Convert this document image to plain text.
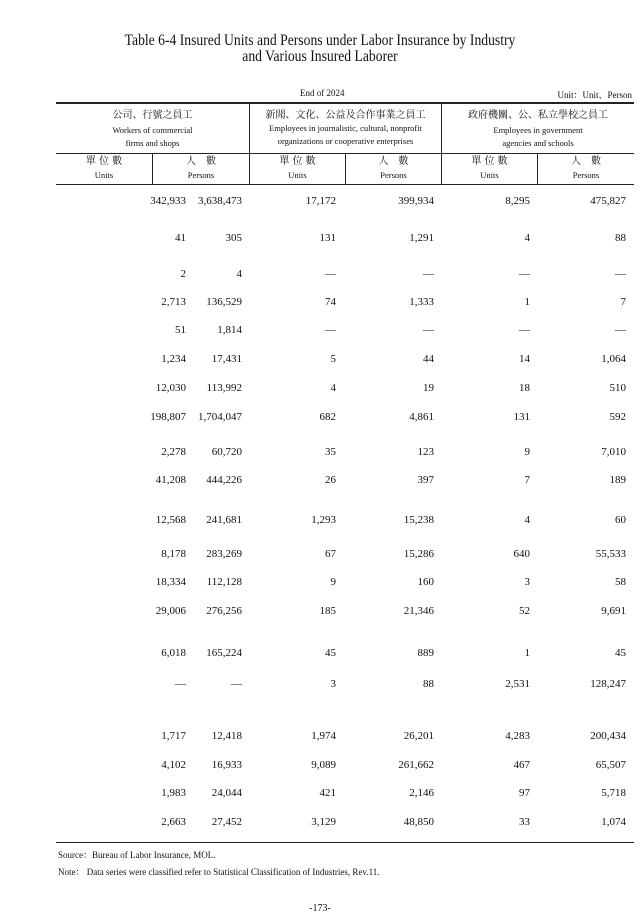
Table 6-4 Insured Units and Persons under Labor Insurance by Industry
and Various Insured Laborer
End of 2024	Unit：Unit、Person
公司、行號之員工
Workers of commercial
firms and shops
新聞、文化、公益及合作事業之員工
Employees in journalistic, cultural, nonprofit
organizations or cooperative enterprises
政府機關、公、私立學校之員工
Employees in government
agencies and schools
單 位 數
Units
人　數
Persons
單 位 數
Units
人　數
Persons
單 位 數
Units
人　數
Persons
342,933 3,638,473	17,172	399,934	8,295	475,827
41	305	131	1,291	4	88
2	4	—	—	—	—
2,713 136,529	74	1,333	1	7
51	1,814	—	—	—	—
1,234 17,431	5	44	14	1,064
12,030 113,992	4	19	18	510
198,807 1,704,047	682	4,861	131	592
2,278 60,720	35	123	9	7,010
41,208 444,226	26	397	7	189
12,568 241,681	1,293	15,238	4	60
8,178 283,269	67	15,286	640	55,533
18,334 112,128	9	160	3	58
29,006 276,256	185	21,346	52	9,691
6,018 165,224	45	889	1	45
—	—	3	88	2,531	128,247
1,717 12,418	1,974	26,201	4,283	200,434
4,102 16,933	9,089	261,662	467	65,507
1,983 24,044	421	2,146	97	5,718
2,663 27,452	3,129	48,850	33	1,074
Source：Bureau of Labor Insurance, MOL.
Note： Data series were classified refer to Statistical Classification of Industries, Rev.11.
-173-
